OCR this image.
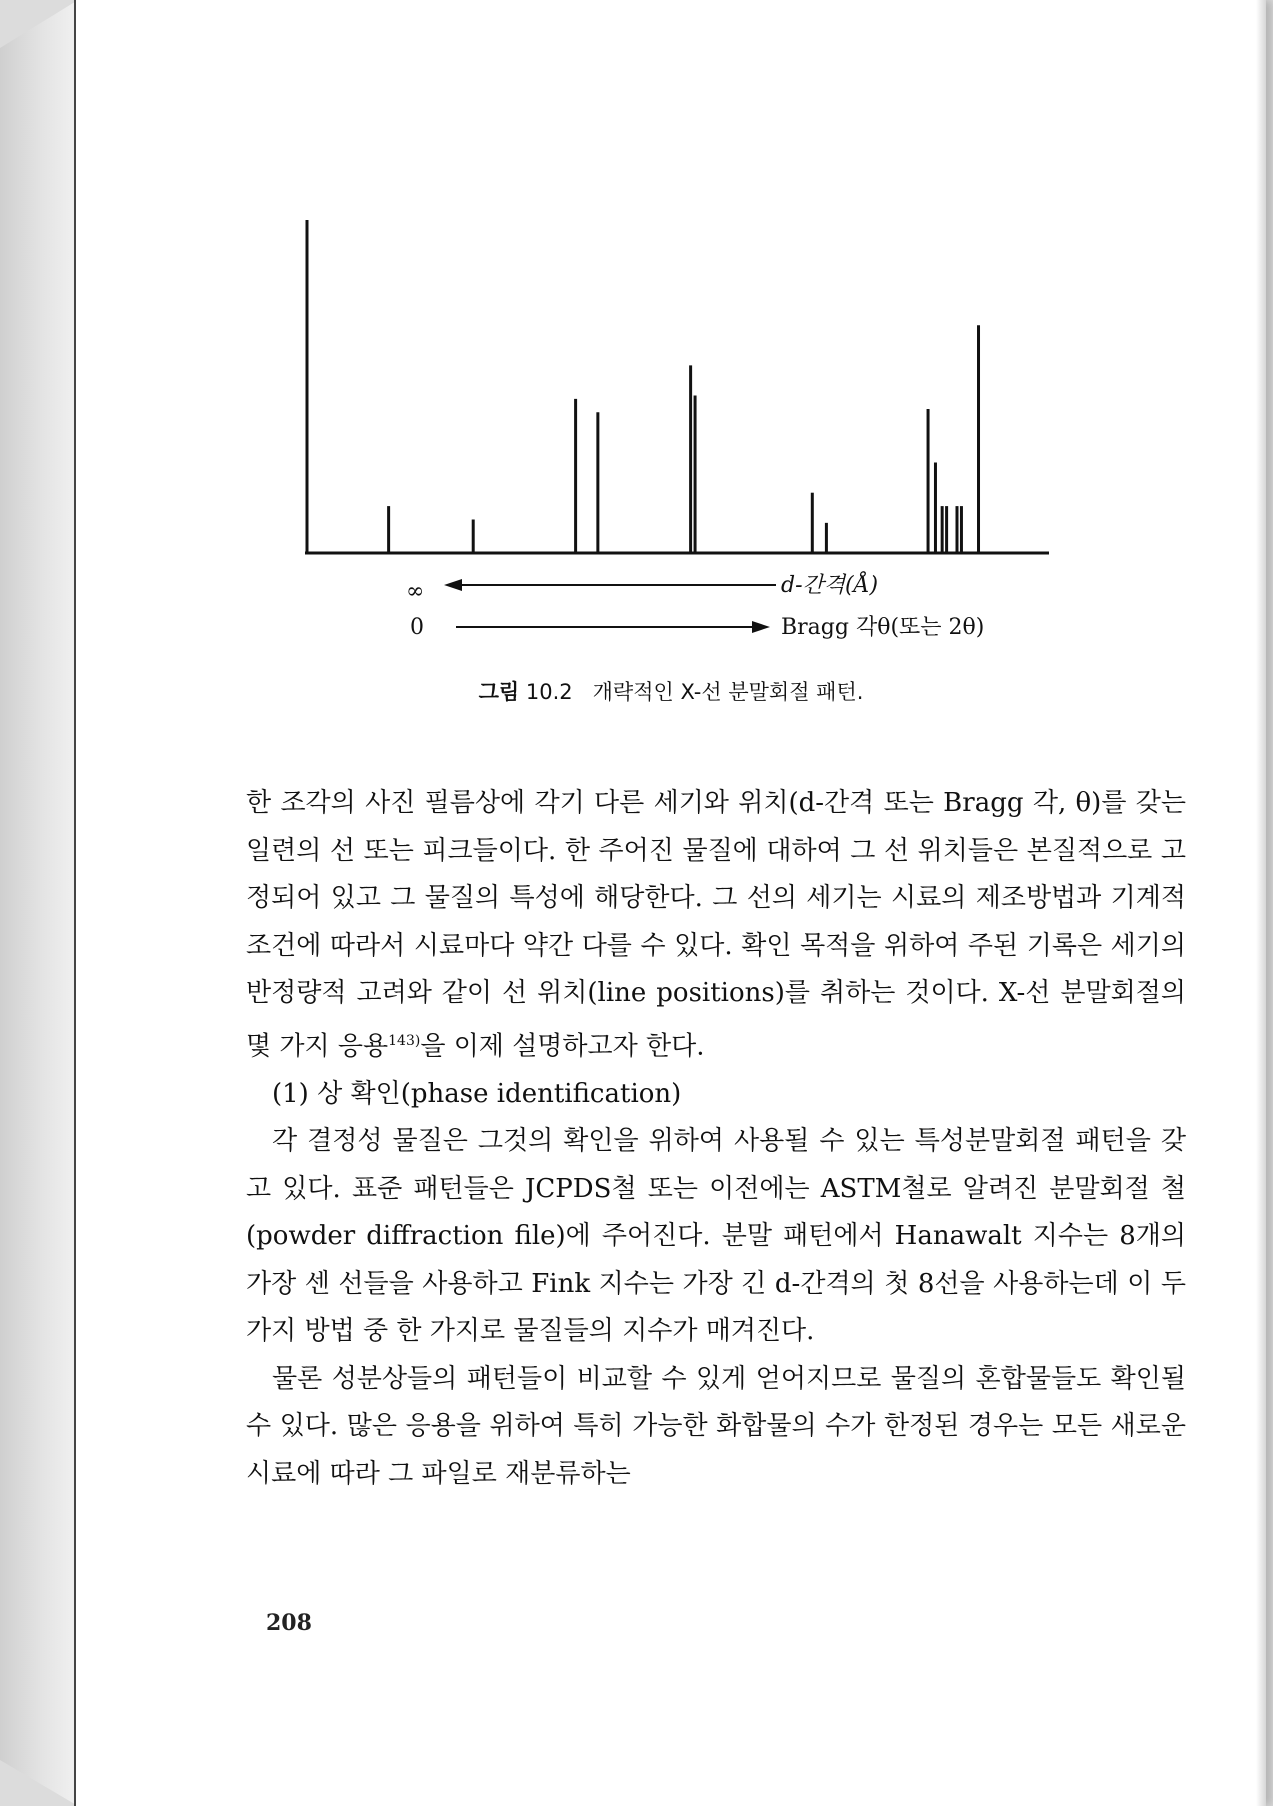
∞	d-간격(Å)
0	Bragg 각θ(또는 2θ)
그림 10.2 개략적인 X-선 분말회절 패턴.

한 조각의 사진 필름상에 각기 다른 세기와 위치(d-간격 또는 Bragg 각, θ)를 갖는 일련의 선 또는 피크들이다. 한 주어진 물질에 대하여 그 선 위치들은 본질적으로 고정되어 있고 그 물질의 특성에 해당한다. 그 선의 세기는 시료의 제조방법과 기계적 조건에 따라서 시료마다 약간 다를 수 있다. 확인 목적을 위하여 주된 기록은 세기의 반정량적 고려와 같이 선 위치(line positions)를 취하는 것이다. X-선 분말회절의 몇 가지 응용$^{143)}$을 이제 설명하고자 한다.

(1) 상 확인(phase identification)

각 결정성 물질은 그것의 확인을 위하여 사용될 수 있는 특성분말회절 패턴을 갖고 있다. 표준 패턴들은 JCPDS철 또는 이전에는 ASTM철로 알려진 분말회절 철(powder diffraction file)에 주어진다. 분말 패턴에서 Hanawalt 지수는 8개의 가장 센 선들을 사용하고 Fink 지수는 가장 긴 d-간격의 첫 8선을 사용하는데 이 두 가지 방법 중 한 가지로 물질들의 지수가 매겨진다.

물론 성분상들의 패턴들이 비교할 수 있게 얻어지므로 물질의 혼합물들도 확인될 수 있다. 많은 응용을 위하여 특히 가능한 화합물의 수가 한정된 경우는 모든 새로운 시료에 따라 그 파일로 재분류하는

208
